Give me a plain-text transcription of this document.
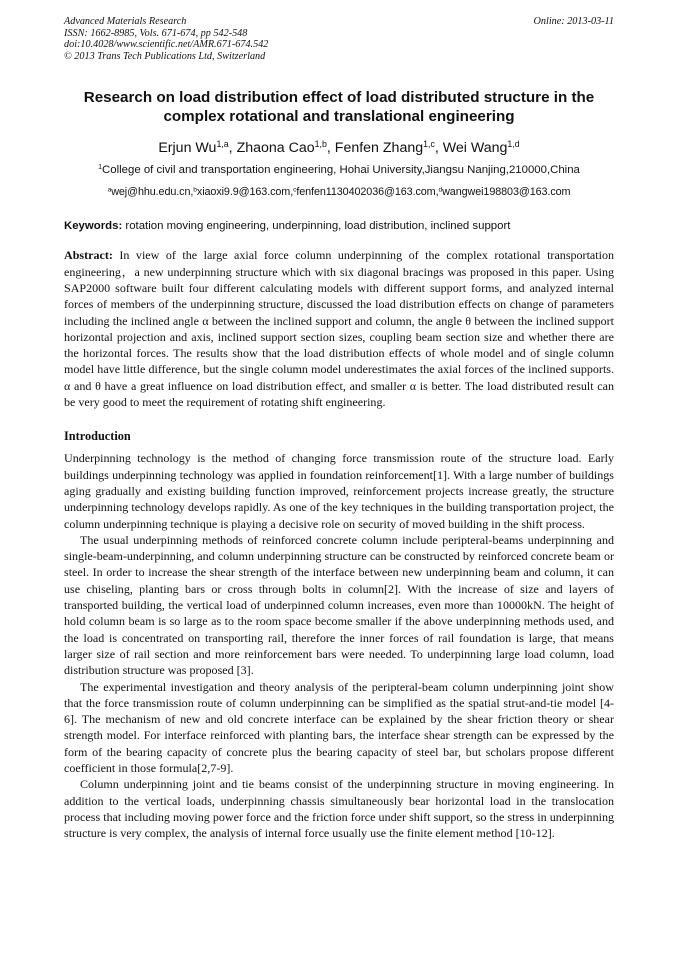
Advanced Materials Research
ISSN: 1662-8985, Vols. 671-674, pp 542-548
doi:10.4028/www.scientific.net/AMR.671-674.542
© 2013 Trans Tech Publications Ltd, Switzerland
Online: 2013-03-11
Research on load distribution effect of load distributed structure in the complex rotational and translational engineering
Erjun Wu$^{1,a}$, Zhaona Cao$^{1,b}$, Fenfen Zhang$^{1,c}$, Wei Wang$^{1,d}$
$^1$College of civil and transportation engineering, Hohai University,Jiangsu Nanjing,210000,China
$^a$wej@hhu.edu.cn,$^b$xiaoxi9.9@163.com,$^c$fenfen1130402036@163.com,$^d$wangwei198803@163.com
Keywords: rotation moving engineering, underpinning, load distribution, inclined support

Abstract: In view of the large axial force column underpinning of the complex rotational transportation engineering，a new underpinning structure which with six diagonal bracings was proposed in this paper. Using SAP2000 software built four different calculating models with different support forms, and analyzed internal forces of members of the underpinning structure, discussed the load distribution effects on change of parameters including the inclined angle α between the inclined support and column, the angle θ between the inclined support horizontal projection and axis, inclined support section sizes, coupling beam section size and whether there are the horizontal forces. The results show that the load distribution effects of whole model and of single column model have little difference, but the single column model underestimates the axial forces of the inclined supports. α and θ have a great influence on load distribution effect, and smaller α is better. The load distributed result can be very good to meet the requirement of rotating shift engineering.

Introduction

Underpinning technology is the method of changing force transmission route of the structure load. Early buildings underpinning technology was applied in foundation reinforcement[1]. With a large number of buildings aging gradually and existing building function improved, reinforcement projects increase greatly, the structure underpinning technology develops rapidly. As one of the key techniques in the building transportation project, the column underpinning technique is playing a decisive role on security of moved building in the shift process.

The usual underpinning methods of reinforced concrete column include peripteral-beams underpinning and single-beam-underpinning, and column underpinning structure can be constructed by reinforced concrete beam or steel. In order to increase the shear strength of the interface between new underpinning beam and column, it can use chiseling, planting bars or cross through bolts in column[2]. With the increase of size and layers of transported building, the vertical load of underpinned column increases, even more than 10000kN. The height of hold column beam is so large as to the room space become smaller if the above underpinning methods used, and the load is concentrated on transporting rail, therefore the inner forces of rail foundation is large, that means larger size of rail section and more reinforcement bars were needed. To underpinning large load column, load distribution structure was proposed [3].

The experimental investigation and theory analysis of the peripteral-beam column underpinning joint show that the force transmission route of column underpinning can be simplified as the spatial strut-and-tie model [4-6]. The mechanism of new and old concrete interface can be explained by the shear friction theory or shear strength model. For interface reinforced with planting bars, the interface shear strength can be expressed by the form of the bearing capacity of concrete plus the bearing capacity of steel bar, but scholars propose different coefficient in those formula[2,7-9].

Column underpinning joint and tie beams consist of the underpinning structure in moving engineering. In addition to the vertical loads, underpinning chassis simultaneously bear horizontal load in the translocation process that including moving power force and the friction force under shift support, so the stress in underpinning structure is very complex, the analysis of internal force usually use the finite element method [10-12].
